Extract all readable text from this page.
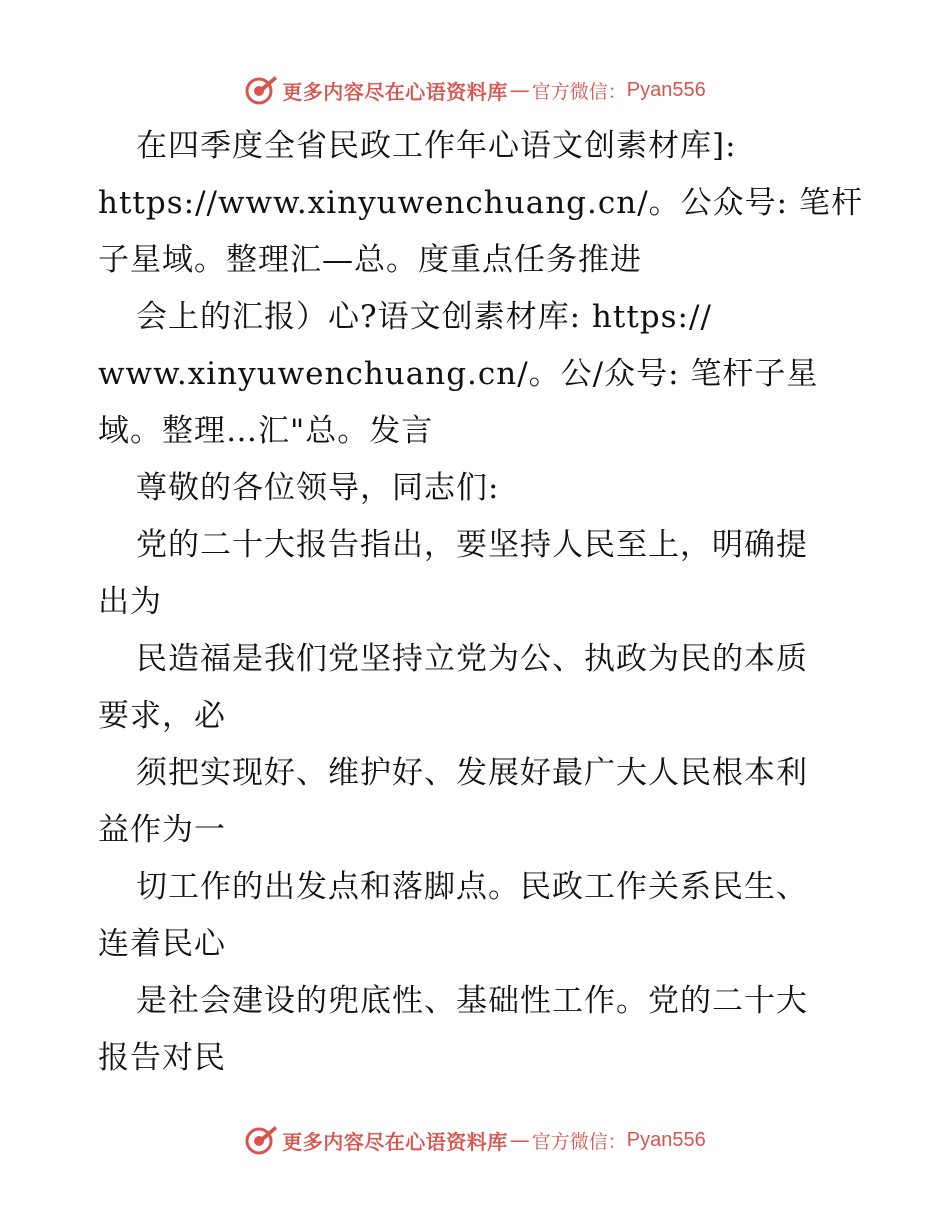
更多内容尽在心语资料库 — 官方微信： Pyan556
在四季度全省民政工作年心语文创素材库]:
https://www.xinyuwenchuang.cn/。公众号: 笔杆
子星域。整理汇—总。度重点任务推进
会上的汇报）心?语文创素材库: https://
www.xinyuwenchuang.cn/。公/众号: 笔杆子星
域。整理…汇"总。发言
尊敬的各位领导，同志们:
党的二十大报告指出，要坚持人民至上，明确提
出为
民造福是我们党坚持立党为公、执政为民的本质
要求，必
须把实现好、维护好、发展好最广大人民根本利
益作为一
切工作的出发点和落脚点。民政工作关系民生、
连着民心
是社会建设的兜底性、基础性工作。党的二十大
报告对民
更多内容尽在心语资料库 — 官方微信： Pyan556
